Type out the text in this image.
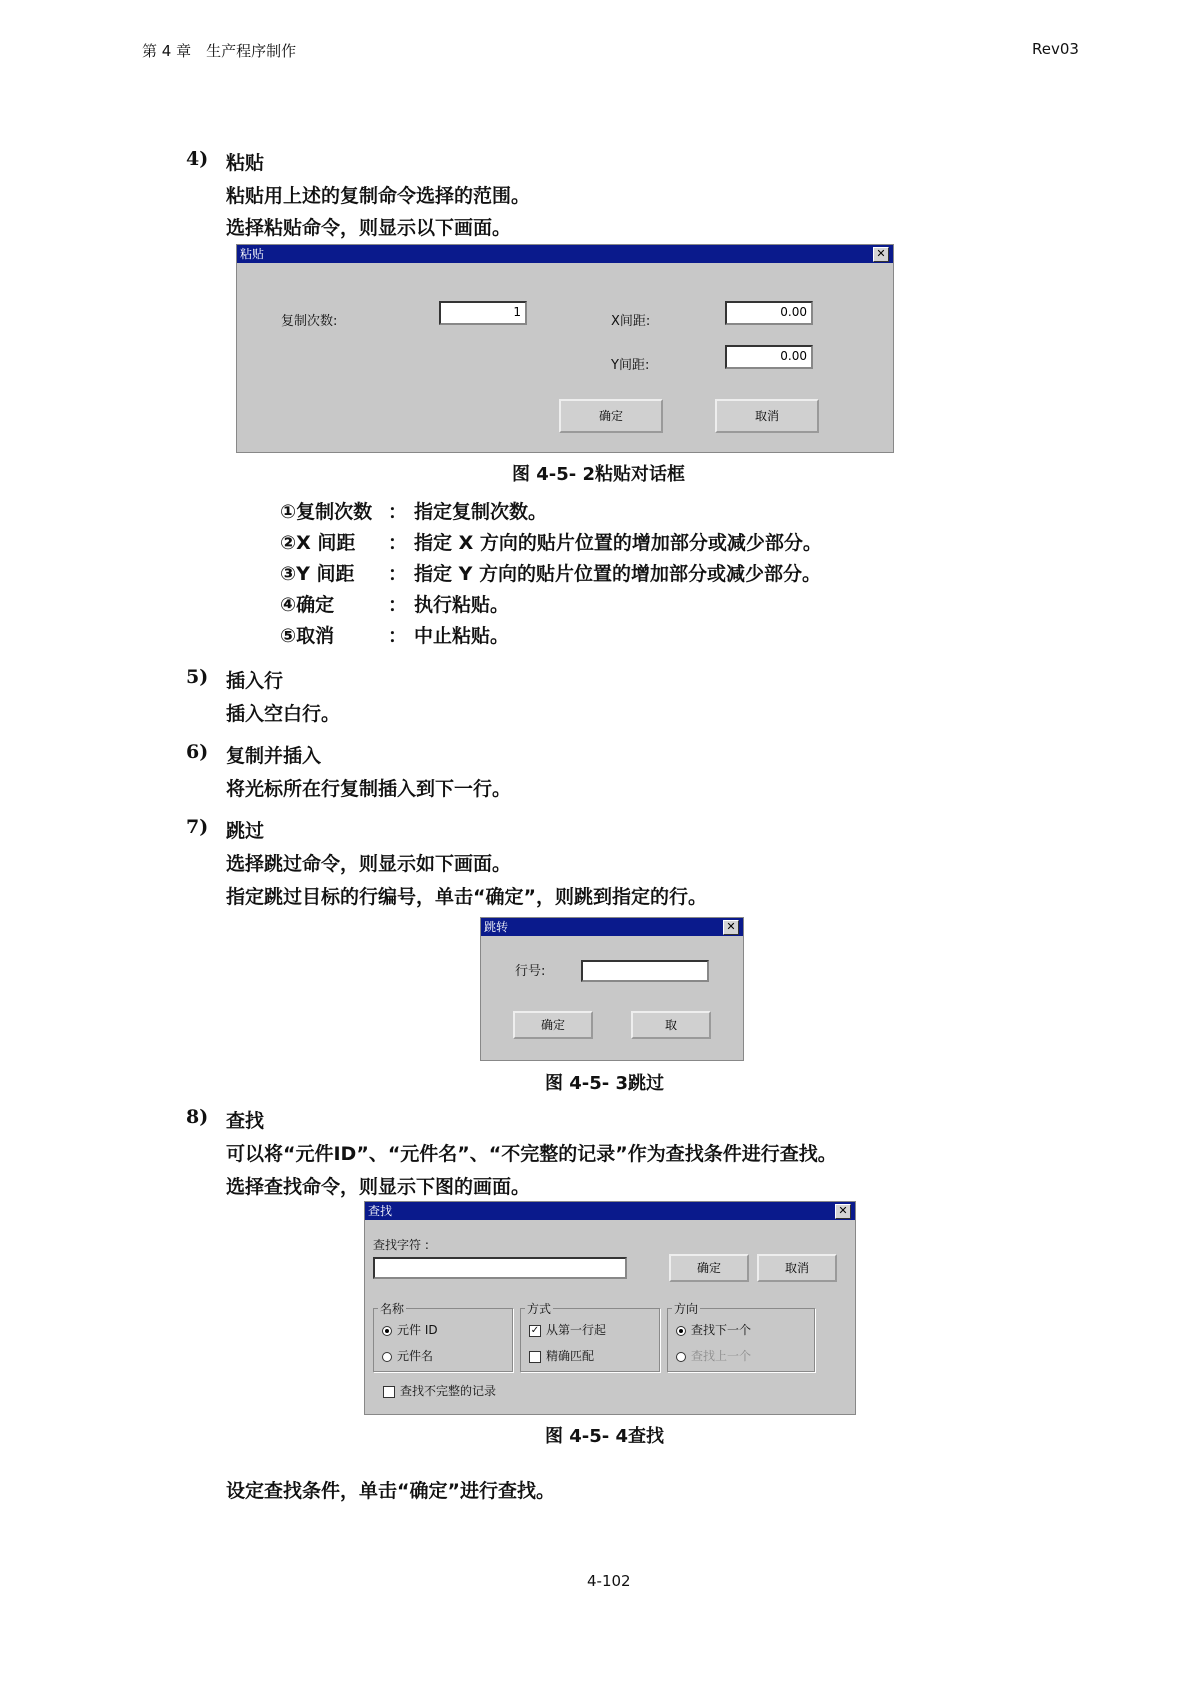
第 4 章　生产程序制作	Rev03
4) 粘贴
粘贴用上述的复制命令选择的范围。
选择粘贴命令，则显示以下画面。
粘贴	✕
复制次数:
1
X间距:
0.00
Y间距:
0.00
确定	取消
图 4-5- 2粘贴对话框
①复制次数 ： 指定复制次数。
②X 间距 ： 指定 X 方向的贴片位置的增加部分或减少部分。
③Y 间距 ： 指定 Y 方向的贴片位置的增加部分或减少部分。
④确定	： 执行粘贴。
⑤取消	： 中止粘贴。
5) 插入行
插入空白行。
6) 复制并插入
将光标所在行复制插入到下一行。
7) 跳过
选择跳过命令，则显示如下画面。
指定跳过目标的行编号，单击“确定”，则跳到指定的行。
跳转	✕
行号:
确定	取
图 4-5- 3跳过
8) 查找
可以将“元件ID”、“元件名”、“不完整的记录”作为查找条件进行查找。
选择查找命令，则显示下图的画面。
查找	✕
查找字符 :
确定	取消
名称
元件 ID
元件名
方式
✓ 从第一行起
精确匹配
方向
查找下一个
查找上一个
查找不完整的记录
图 4-5- 4查找
设定查找条件，单击“确定”进行查找。
4-102
